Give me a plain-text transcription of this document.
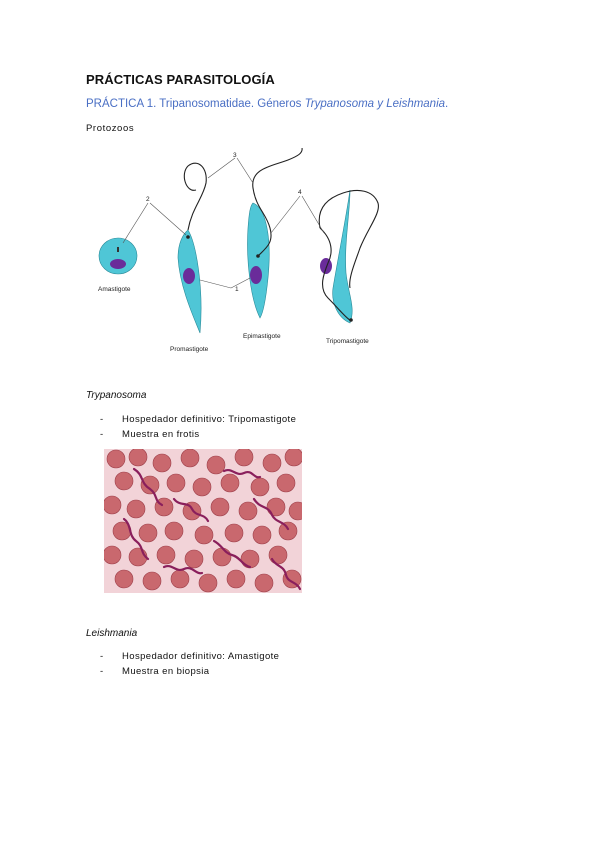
PRÁCTICAS PARASITOLOGÍA
PRÁCTICA 1. Tripanosomatidae. Géneros Trypanosoma y Leishmania.
Protozoos
2
3
4
1
Amastigote
Promastigote
Epimastigote
Tripomastigote
Trypanosoma
-	Hospedador definitivo: Tripomastigote
-	Muestra en frotis
Leishmania
-	Hospedador definitivo: Amastigote
-	Muestra en biopsia
